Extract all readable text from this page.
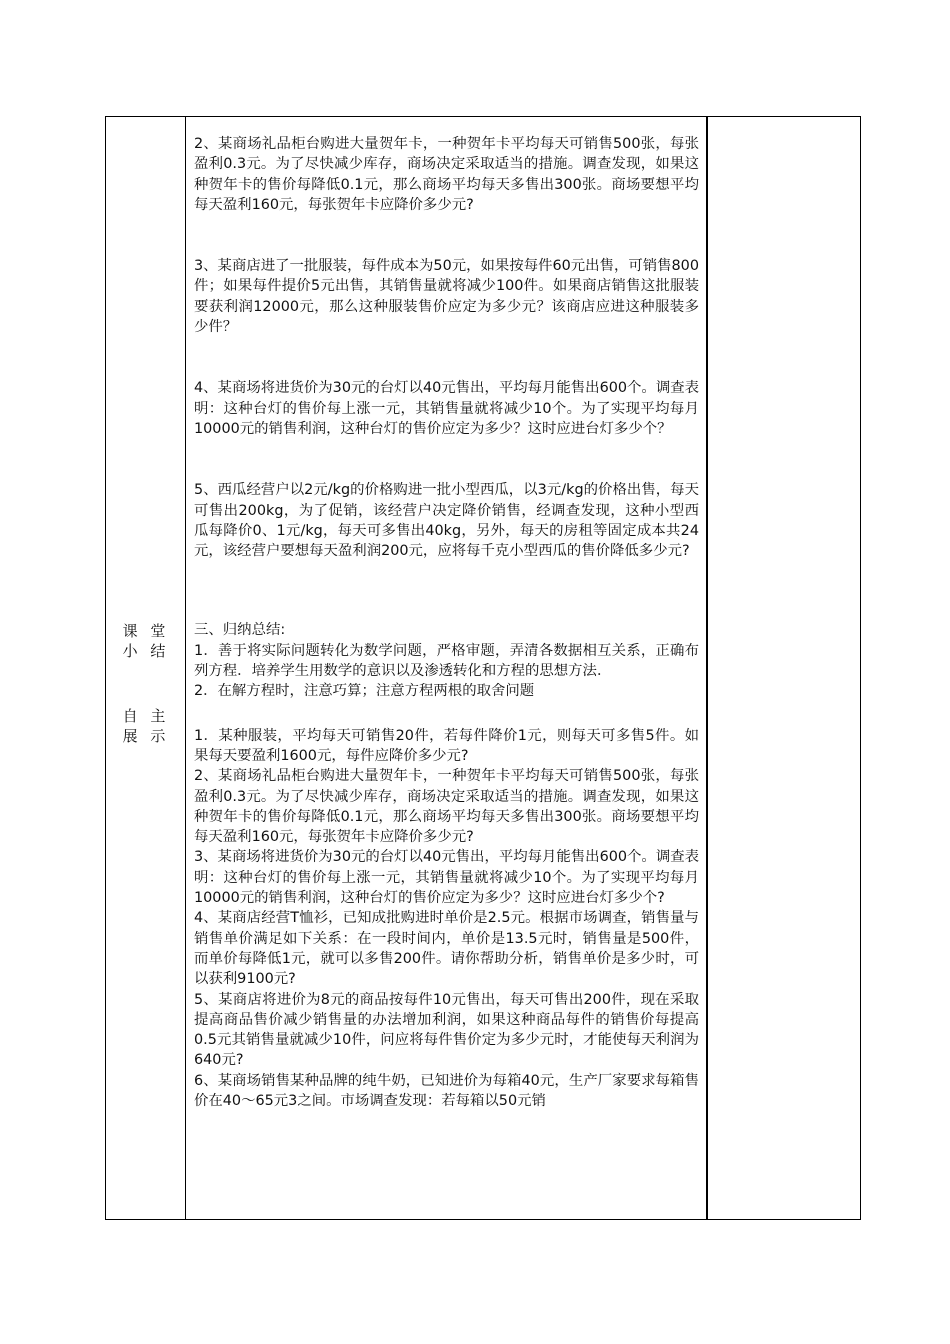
课 堂
小 结
自 主
展 示

2、某商场礼品柜台购进大量贺年卡，一种贺年卡平均每天可销售500张，每张盈利0.3元。为了尽快减少库存，商场决定采取适当的措施。调查发现，如果这种贺年卡的售价每降低0.1元，那么商场平均每天多售出300张。商场要想平均每天盈利160元，每张贺年卡应降价多少元?

3、某商店进了一批服装，每件成本为50元，如果按每件60元出售，可销售800件；如果每件提价5元出售，其销售量就将减少100件。如果商店销售这批服装要获利润12000元，那么这种服装售价应定为多少元？该商店应进这种服装多少件？

4、某商场将进货价为30元的台灯以40元售出，平均每月能售出600个。调查表明：这种台灯的售价每上涨一元，其销售量就将减少10个。为了实现平均每月10000元的销售利润，这种台灯的售价应定为多少？这时应进台灯多少个？

5、西瓜经营户以2元/kg的价格购进一批小型西瓜，以3元/kg的价格出售，每天可售出200kg，为了促销，该经营户决定降价销售，经调查发现，这种小型西瓜每降价0、1元/kg，每天可多售出40kg，另外，每天的房租等固定成本共24元，该经营户要想每天盈利润200元，应将每千克小型西瓜的售价降低多少元?

三、归纳总结:

1．善于将实际问题转化为数学问题，严格审题，弄清各数据相互关系，正确布列方程．培养学生用数学的意识以及渗透转化和方程的思想方法．

2．在解方程时，注意巧算；注意方程两根的取舍问题

1．某种服装，平均每天可销售20件，若每件降价1元，则每天可多售5件。如果每天要盈利1600元，每件应降价多少元?

2、某商场礼品柜台购进大量贺年卡，一种贺年卡平均每天可销售500张，每张盈利0.3元。为了尽快减少库存，商场决定采取适当的措施。调查发现，如果这种贺年卡的售价每降低0.1元，那么商场平均每天多售出300张。商场要想平均每天盈利160元，每张贺年卡应降价多少元?

3、某商场将进货价为30元的台灯以40元售出，平均每月能售出600个。调查表明：这种台灯的售价每上涨一元，其销售量就将减少10个。为了实现平均每月10000元的销售利润，这种台灯的售价应定为多少？这时应进台灯多少个?

4、某商店经营T恤衫，已知成批购进时单价是2.5元。根据市场调查，销售量与销售单价满足如下关系：在一段时间内，单价是13.5元时，销售量是500件，而单价每降低1元，就可以多售200件。请你帮助分析，销售单价是多少时，可以获利9100元?

5、某商店将进价为8元的商品按每件10元售出，每天可售出200件，现在采取提高商品售价减少销售量的办法增加利润，如果这种商品每件的销售价每提高0.5元其销售量就减少10件，问应将每件售价定为多少元时，才能使每天利润为640元?

6、某商场销售某种品牌的纯牛奶，已知进价为每箱40元，生产厂家要求每箱售价在40～65元3之间。市场调查发现：若每箱以50元销
